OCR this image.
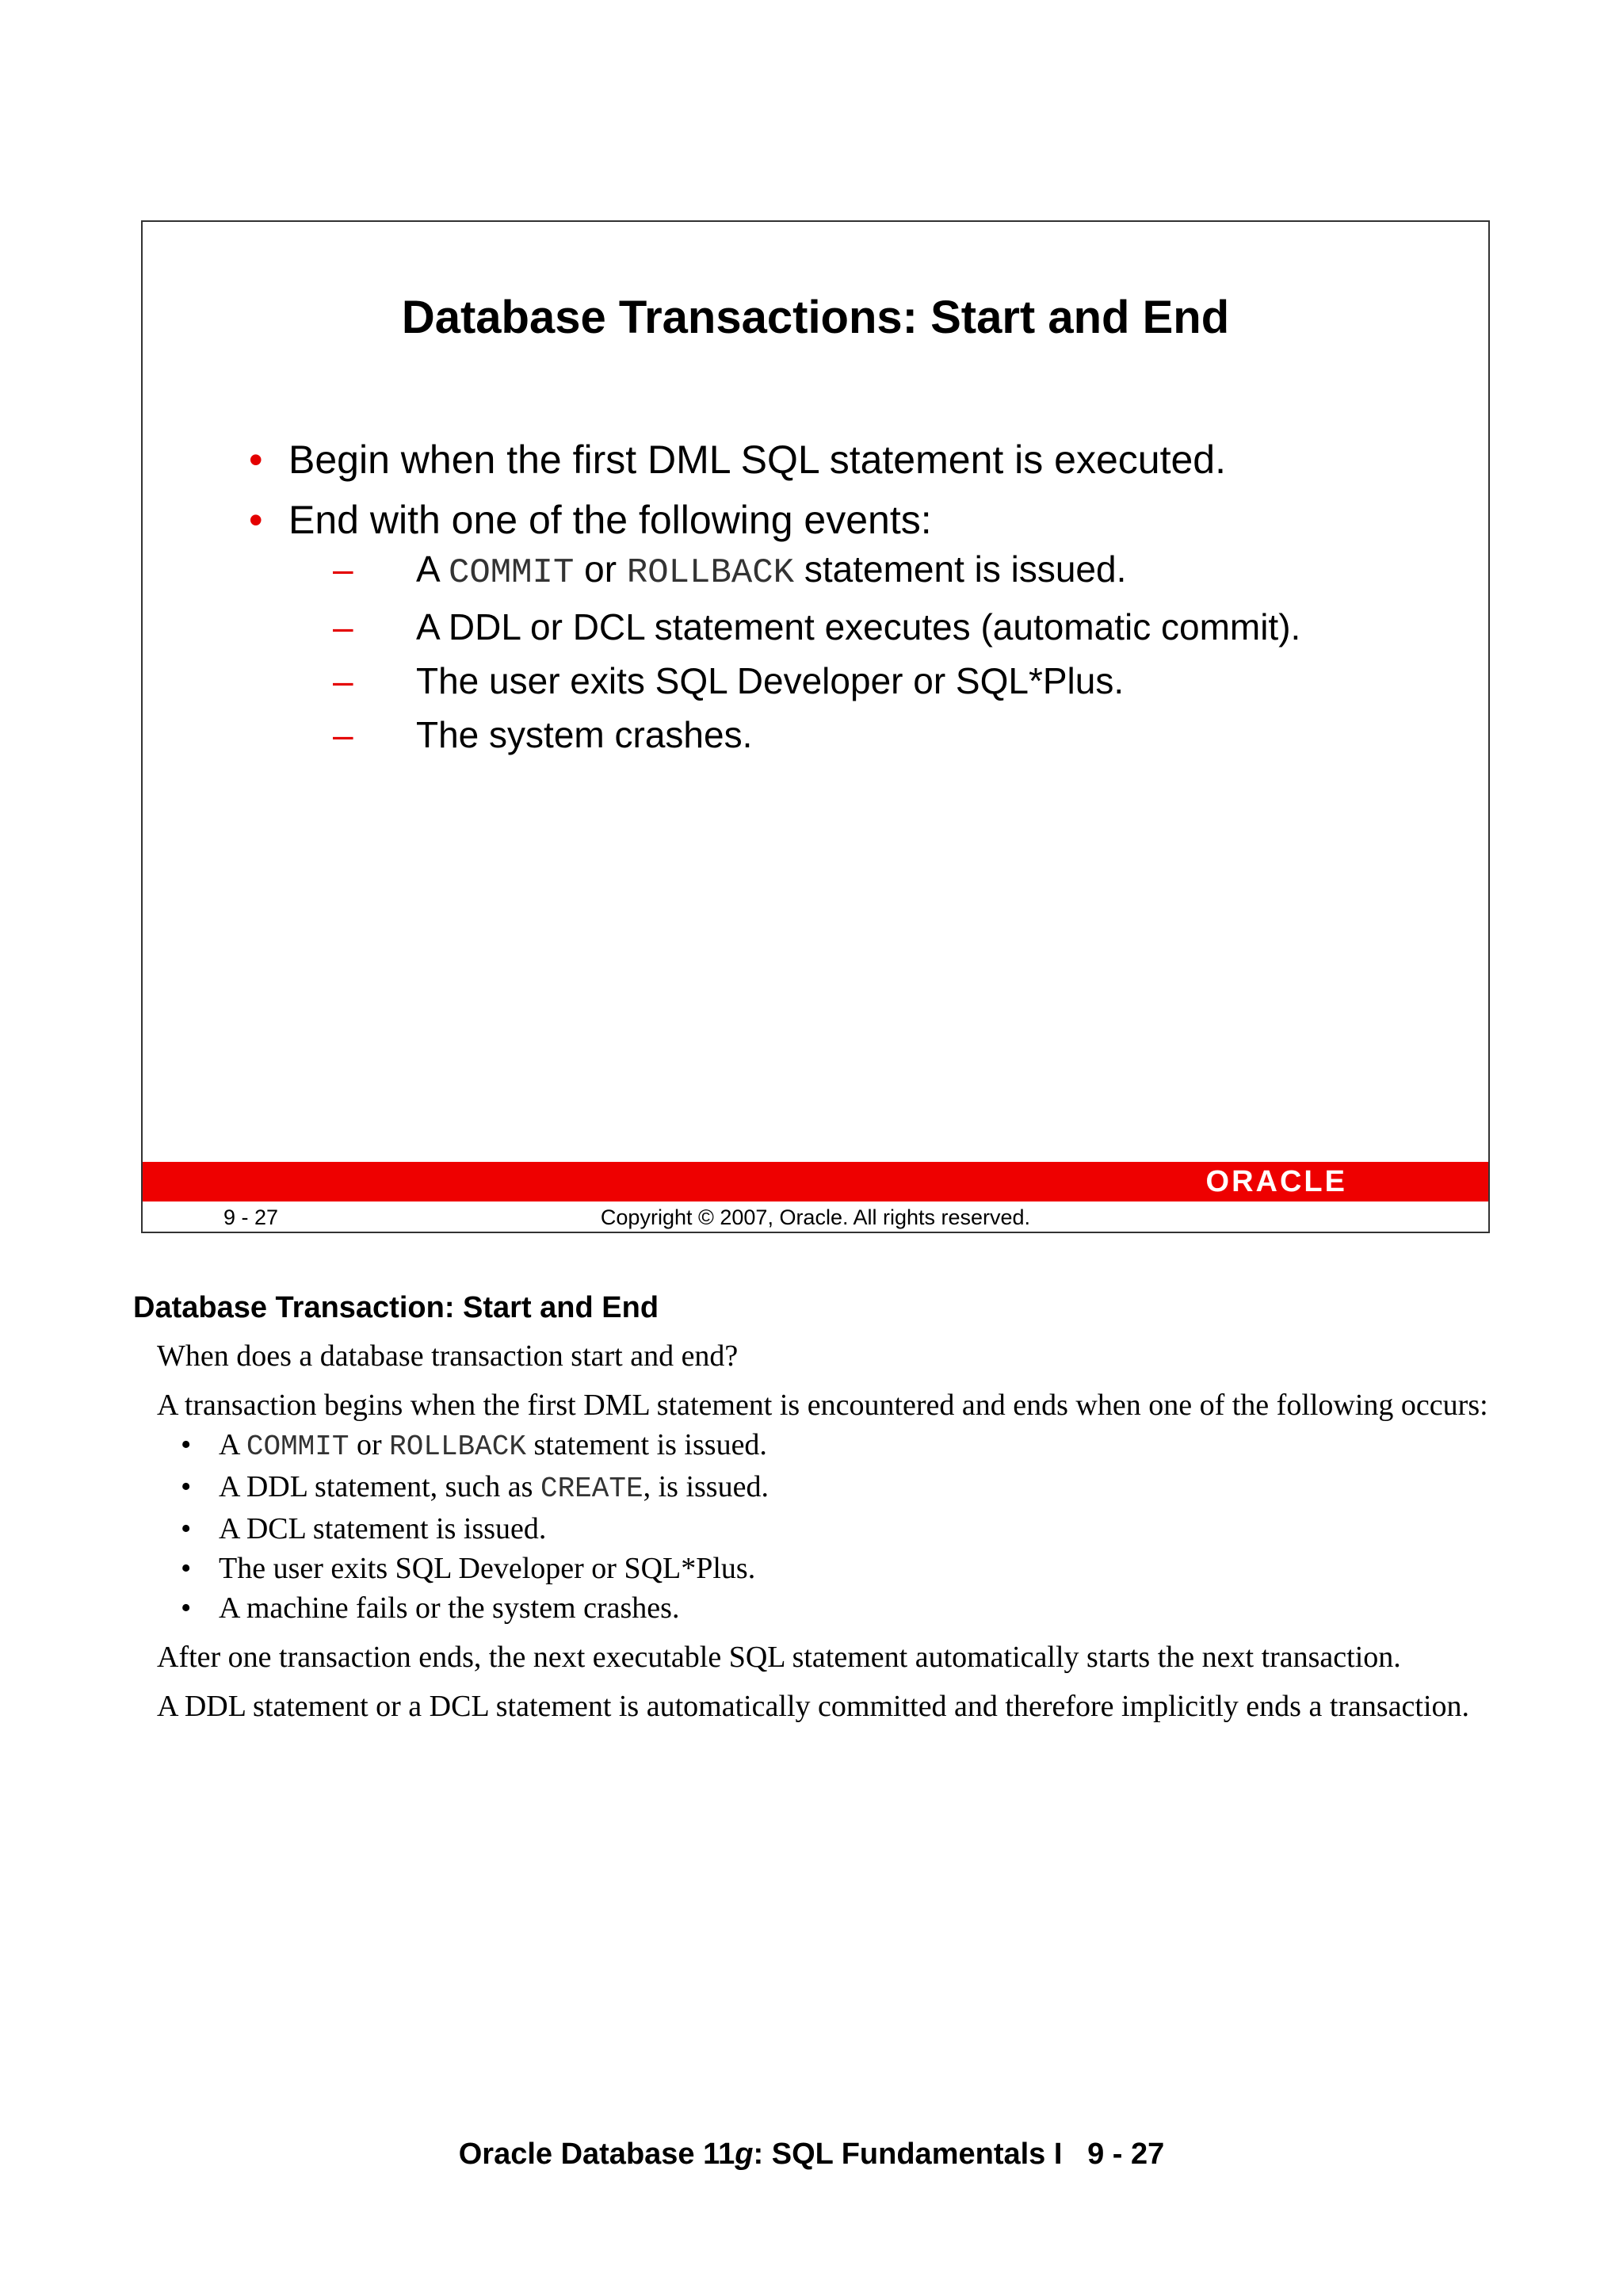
Database Transactions: Start and End
• Begin when the first DML SQL statement is executed.
• End with one of the following events:
– A COMMIT or ROLLBACK statement is issued.
– A DDL or DCL statement executes (automatic commit).
– The user exits SQL Developer or SQL*Plus.
– The system crashes.
ORACLE
Copyright © 2007, Oracle. All rights reserved.
9 - 27
Database Transaction: Start and End

When does a database transaction start and end?

A transaction begins when the first DML statement is encountered and ends when one of the following occurs:

• A COMMIT or ROLLBACK statement is issued.
• A DDL statement, such as CREATE, is issued.
• A DCL statement is issued.
• The user exits SQL Developer or SQL*Plus.
• A machine fails or the system crashes.

After one transaction ends, the next executable SQL statement automatically starts the next transaction.

A DDL statement or a DCL statement is automatically committed and therefore implicitly ends a transaction.

Oracle Database 11g: SQL Fundamentals I   9 - 27
